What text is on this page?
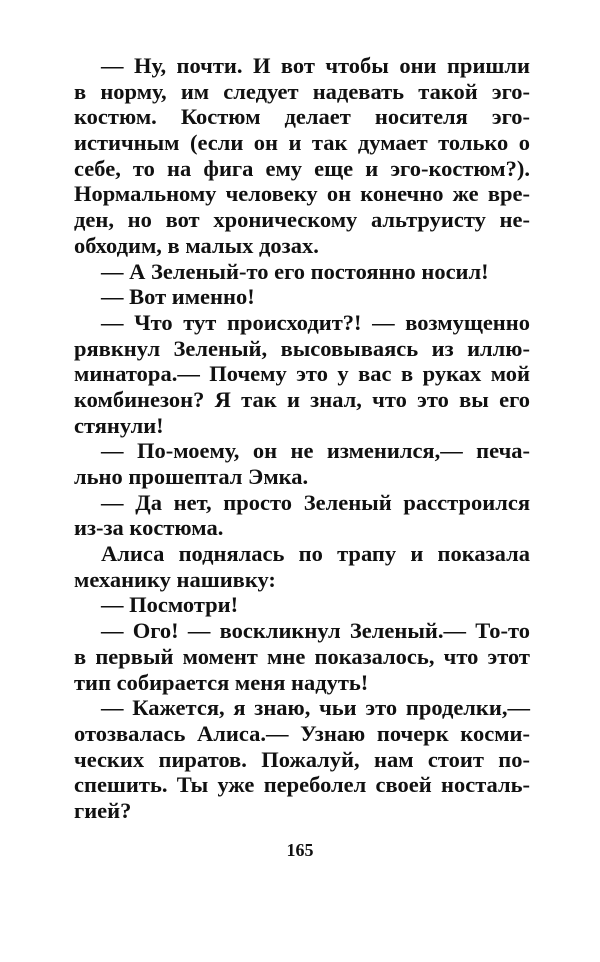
— Ну, почти. И вот чтобы они пришли
в норму, им следует надевать такой эго-
костюм. Костюм делает носителя эго-
истичным (если он и так думает только о
себе, то на фига ему еще и эго-костюм?).
Нормальному человеку он конечно же вре-
ден, но вот хроническому альтруисту не-
обходим, в малых дозах.
— А Зеленый-то его постоянно носил!
— Вот именно!
— Что тут происходит?! — возмущенно
рявкнул Зеленый, высовываясь из иллю-
минатора.— Почему это у вас в руках мой
комбинезон? Я так и знал, что это вы его
стянули!
— По-моему, он не изменился,— печа-
льно прошептал Эмка.
— Да нет, просто Зеленый расстроился
из-за костюма.
Алиса поднялась по трапу и показала
механику нашивку:
— Посмотри!
— Ого! — воскликнул Зеленый.— То-то
в первый момент мне показалось, что этот
тип собирается меня надуть!
— Кажется, я знаю, чьи это проделки,—
отозвалась Алиса.— Узнаю почерк косми-
ческих пиратов. Пожалуй, нам стоит по-
спешить. Ты уже переболел своей носталь-
гией?
165
